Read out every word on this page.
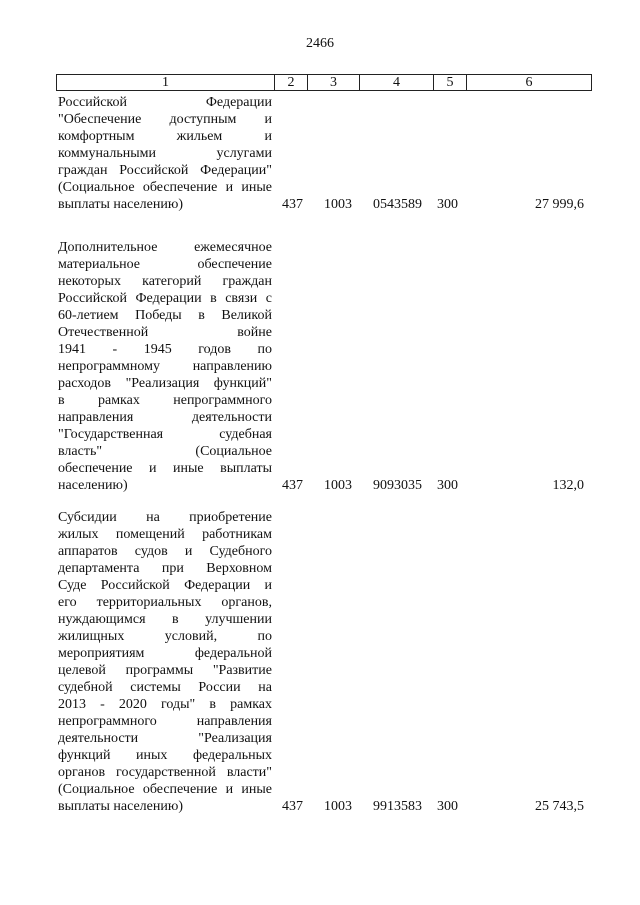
2466
1	2	3	4	5	6
Российской Федерации
"Обеспечение доступным и
комфортным жильем и
коммунальными услугами
граждан Российской Федерации"
(Социальное обеспечение и иные
выплаты населению)	437	1003	0543589	300	27 999,6
Дополнительное ежемесячное
материальное обеспечение
некоторых категорий граждан
Российской Федерации в связи с
60-летием Победы в Великой
Отечественной войне
1941 - 1945 годов по
непрограммному направлению
расходов "Реализация функций"
в рамках непрограммного
направления деятельности
"Государственная судебная
власть" (Социальное
обеспечение и иные выплаты
населению)	437	1003	9093035	300	132,0
Субсидии на приобретение
жилых помещений работникам
аппаратов судов и Судебного
департамента при Верховном
Суде Российской Федерации и
его территориальных органов,
нуждающимся в улучшении
жилищных условий, по
мероприятиям федеральной
целевой программы "Развитие
судебной системы России на
2013 - 2020 годы" в рамках
непрограммного направления
деятельности "Реализация
функций иных федеральных
органов государственной власти"
(Социальное обеспечение и иные
выплаты населению)	437	1003	9913583	300	25 743,5
